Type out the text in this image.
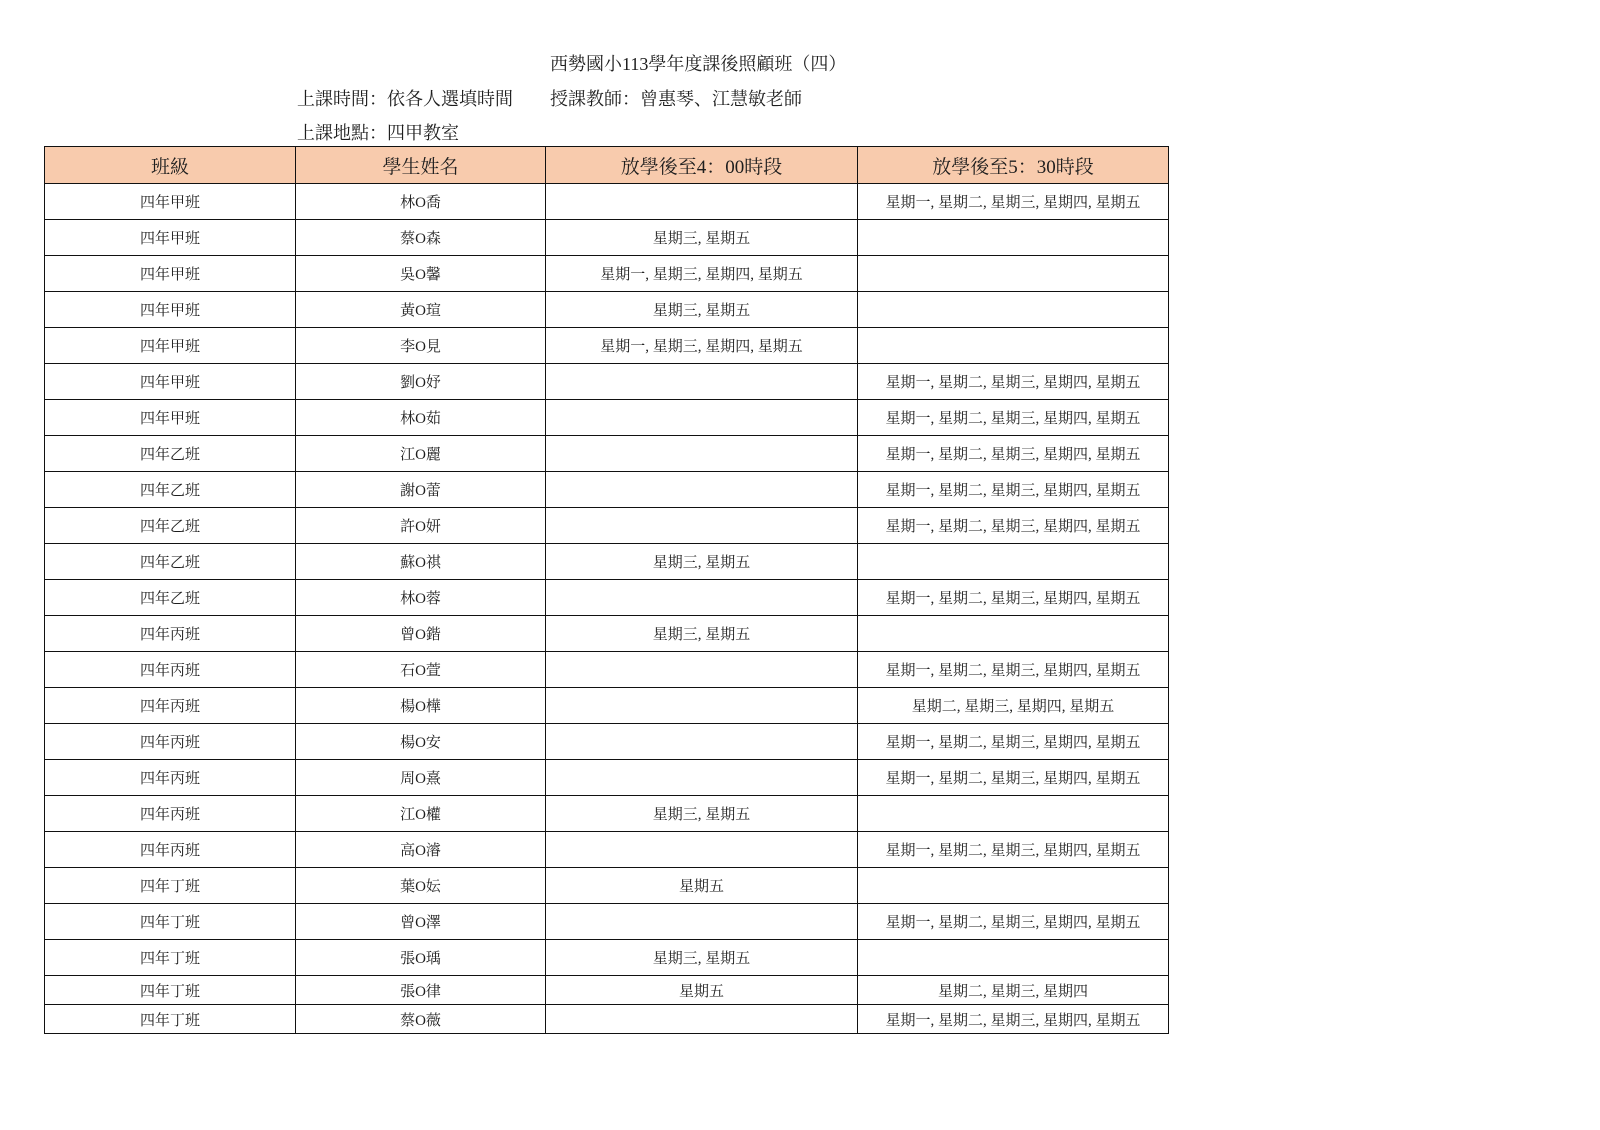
西勢國小113學年度課後照顧班（四）
上課時間：依各人選填時間 授課教師：曾惠琴、江慧敏老師
上課地點：四甲教室
班級	學生姓名	放學後至4：00時段	放學後至5：30時段
四年甲班	林O喬		星期一, 星期二, 星期三, 星期四, 星期五
四年甲班	蔡O森	星期三, 星期五	
四年甲班	吳O馨	星期一, 星期三, 星期四, 星期五	
四年甲班	黃O瑄	星期三, 星期五	
四年甲班	李O見	星期一, 星期三, 星期四, 星期五	
四年甲班	劉O妤		星期一, 星期二, 星期三, 星期四, 星期五
四年甲班	林O茹		星期一, 星期二, 星期三, 星期四, 星期五
四年乙班	江O麗		星期一, 星期二, 星期三, 星期四, 星期五
四年乙班	謝O蕾		星期一, 星期二, 星期三, 星期四, 星期五
四年乙班	許O妍		星期一, 星期二, 星期三, 星期四, 星期五
四年乙班	蘇O祺	星期三, 星期五	
四年乙班	林O蓉		星期一, 星期二, 星期三, 星期四, 星期五
四年丙班	曾O鍇	星期三, 星期五	
四年丙班	石O萱		星期一, 星期二, 星期三, 星期四, 星期五
四年丙班	楊O樺		星期二, 星期三, 星期四, 星期五
四年丙班	楊O安		星期一, 星期二, 星期三, 星期四, 星期五
四年丙班	周O熹		星期一, 星期二, 星期三, 星期四, 星期五
四年丙班	江O權	星期三, 星期五	
四年丙班	高O濬		星期一, 星期二, 星期三, 星期四, 星期五
四年丁班	葉O妘	星期五	
四年丁班	曾O澤		星期一, 星期二, 星期三, 星期四, 星期五
四年丁班	張O瑀	星期三, 星期五	
四年丁班	張O律	星期五	星期二, 星期三, 星期四
四年丁班	蔡O薇		星期一, 星期二, 星期三, 星期四, 星期五
